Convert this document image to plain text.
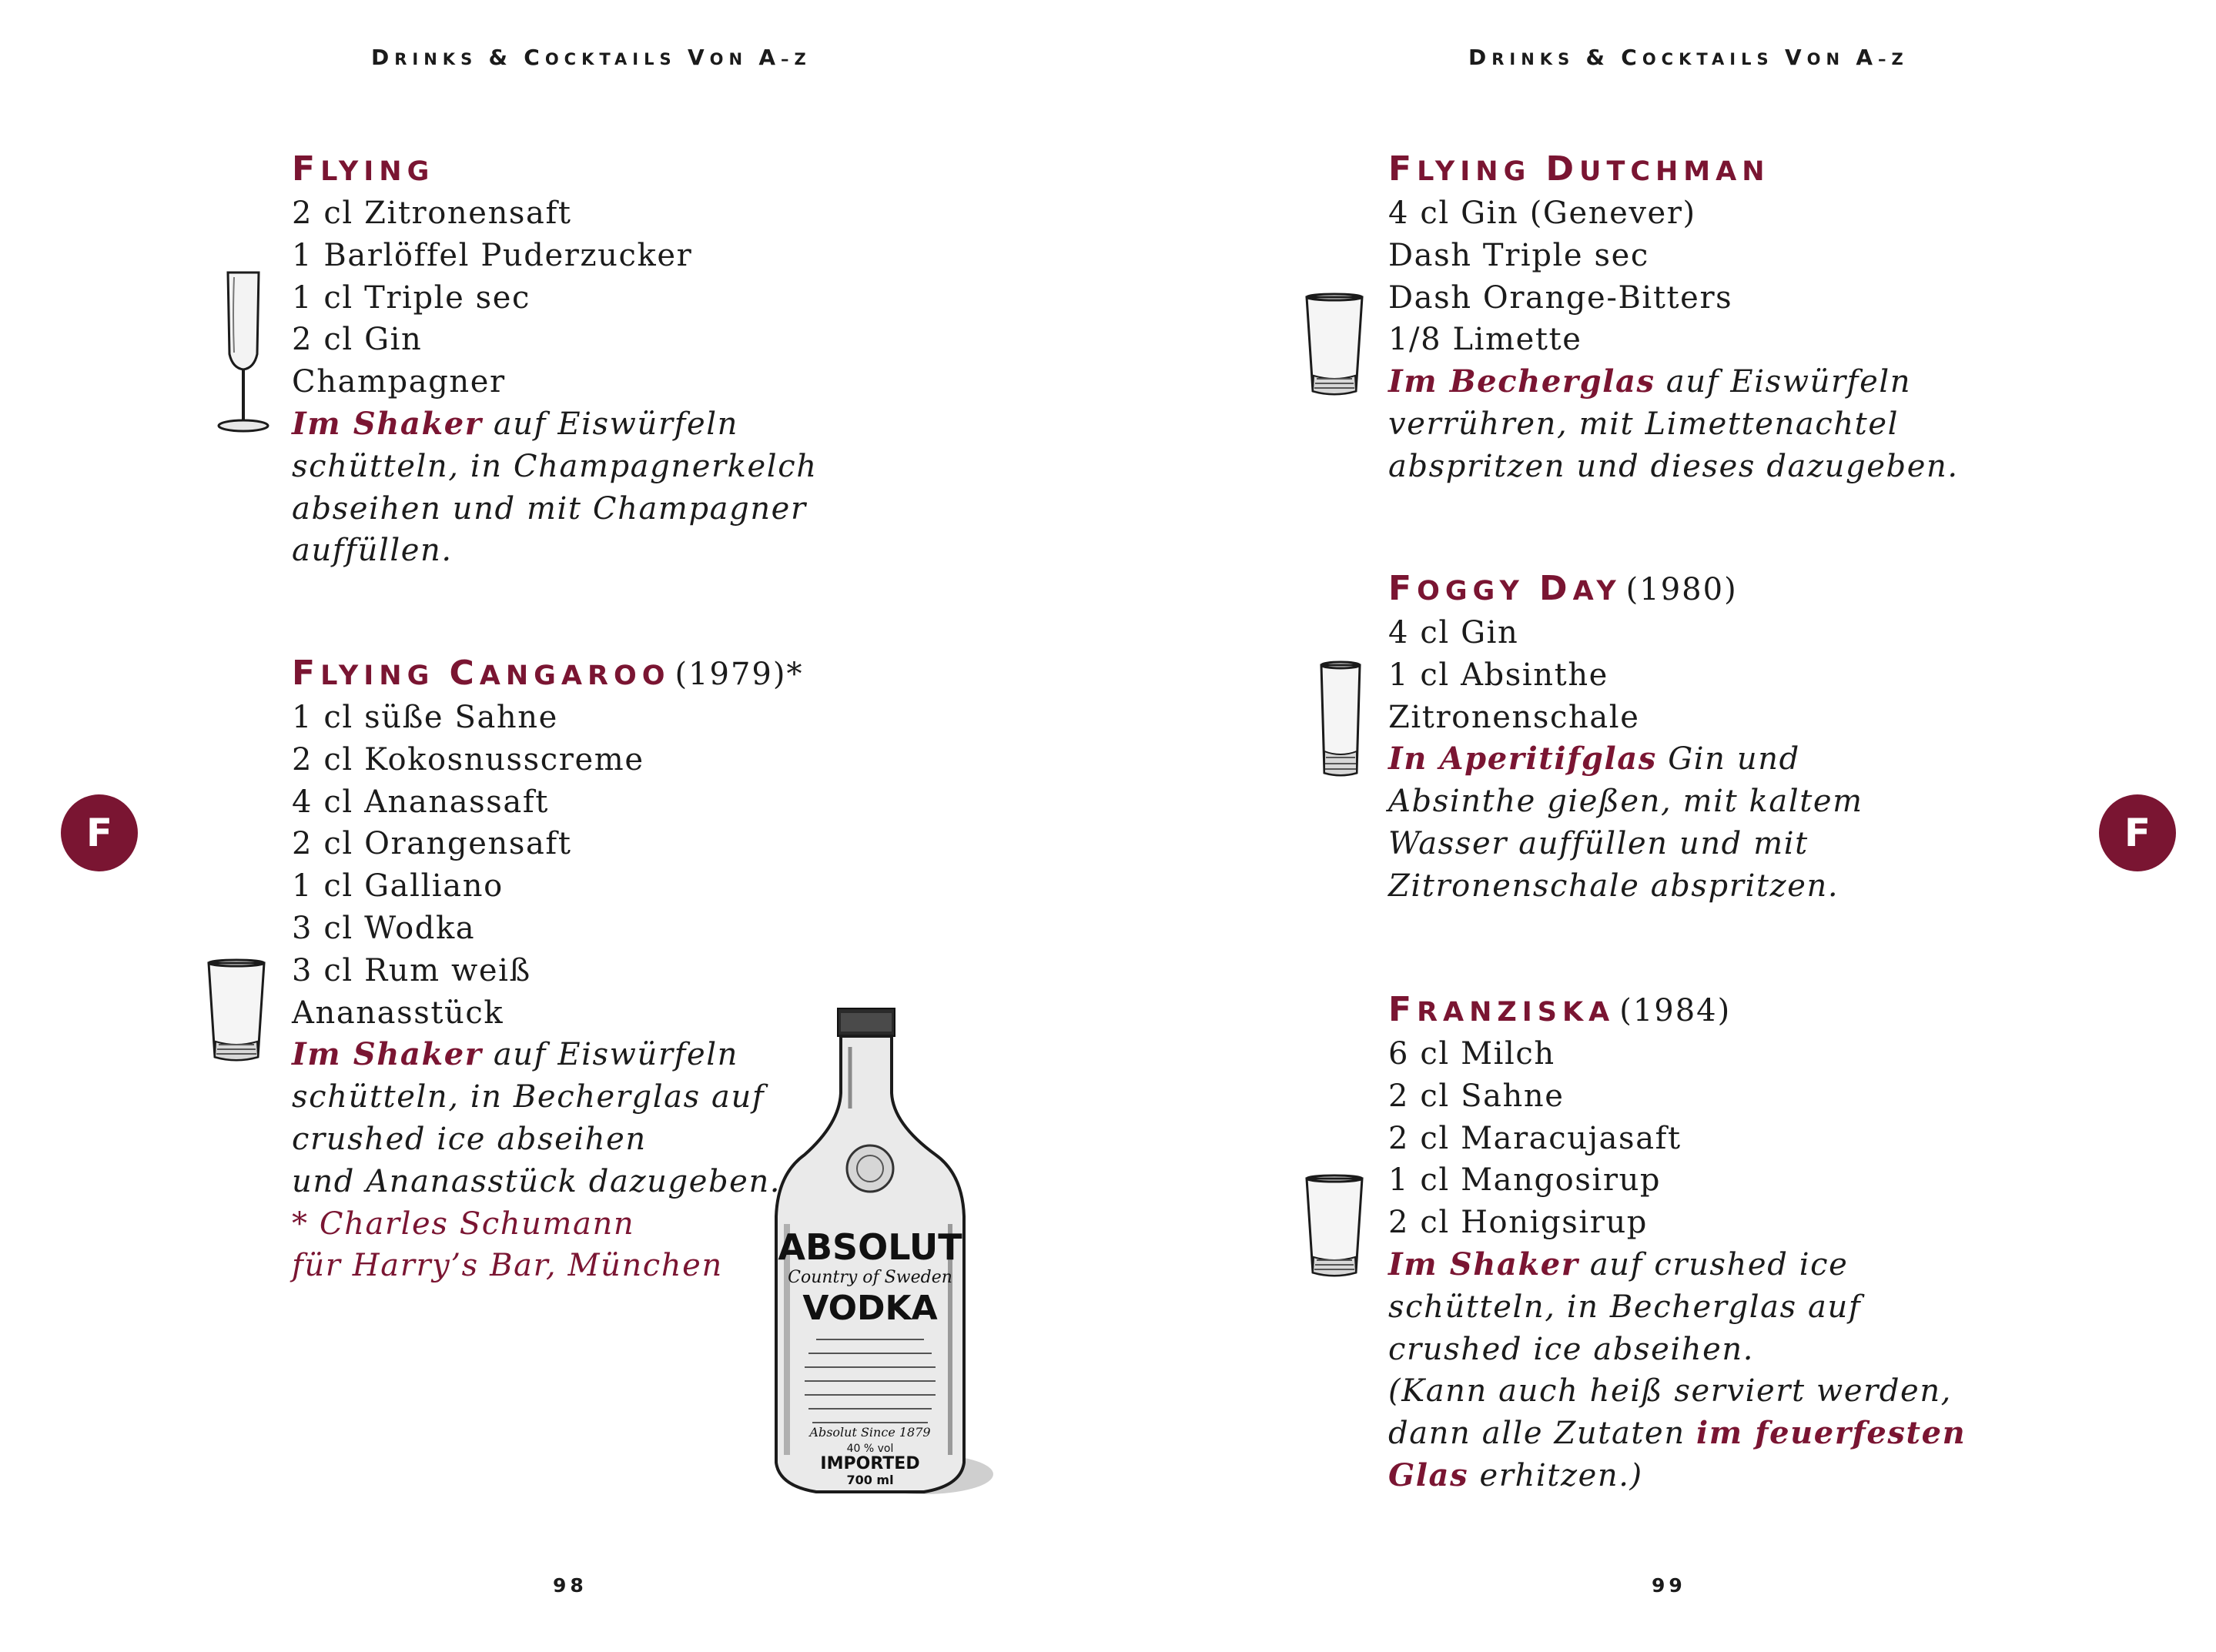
DRINKS & COCKTAILS VON A–Z	DRINKS & COCKTAILS VON A–Z
F	F
FLYING
2 cl Zitronensaft
1 Barlöffel Puderzucker
1 cl Triple sec
2 cl Gin
Champagner
Im Shaker auf Eiswürfeln
schütteln, in Champagnerkelch
abseihen und mit Champagner
auffüllen.
FLYING CANGAROO (1979)*
1 cl süße Sahne
2 cl Kokosnusscreme
4 cl Ananassaft
2 cl Orangensaft
1 cl Galliano
3 cl Wodka
3 cl Rum weiß
Ananasstück
Im Shaker auf Eiswürfeln
schütteln, in Becherglas auf
crushed ice abseihen
und Ananasstück dazugeben.
* Charles Schumann
für Harry’s Bar, München
FLYING DUTCHMAN
4 cl Gin (Genever)
Dash Triple sec
Dash Orange-Bitters
1/8 Limette
Im Becherglas auf Eiswürfeln
verrühren, mit Limettenachtel
abspritzen und dieses dazugeben.
FOGGY DAY (1980)
4 cl Gin
1 cl Absinthe
Zitronenschale
In Aperitifglas Gin und
Absinthe gießen, mit kaltem
Wasser auffüllen und mit
Zitronenschale abspritzen.
FRANZISKA (1984)
6 cl Milch
2 cl Sahne
2 cl Maracujasaft
1 cl Mangosirup
2 cl Honigsirup
Im Shaker auf crushed ice
schütteln, in Becherglas auf
crushed ice abseihen.
(Kann auch heiß serviert werden,
dann alle Zutaten im feuerfesten
Glas erhitzen.)
ABSOLUT
Country of Sweden
VODKA
Absolut Since 1879
40 % vol
IMPORTED
700 ml
98	99
